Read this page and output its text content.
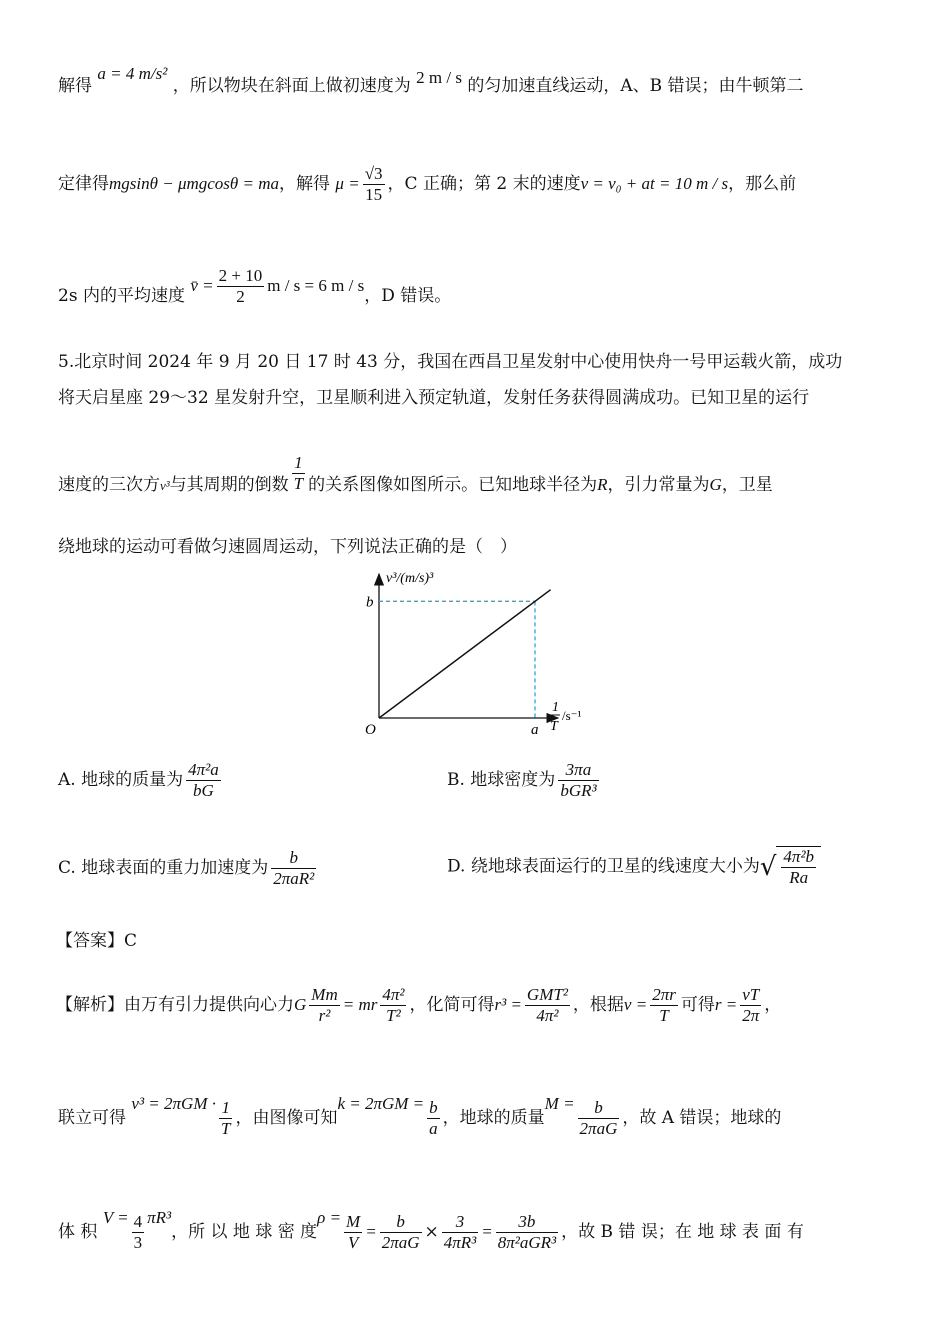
解得 a = 4 m/s² ，所以物块在斜面上做初速度为 2 m / s 的匀加速直线运动，A、B 错误；由牛顿第二
定律得mgsinθ − μmgcosθ = ma，解得 $\mu = \frac{√3}{15}$ ，C 正确；第 2 末的速度v = v₀ + at = 10 m / s，那么前
2s 内的平均速度 v̄ = $\frac{2 + 10}{2}$ m / s = 6 m / s，D 错误。
5.北京时间 2024 年 9 月 20 日 17 时 43 分，我国在西昌卫星发射中心使用快舟一号甲运载火箭，成功
将天启星座 29～32 星发射升空，卫星顺利进入预定轨道，发射任务获得圆满成功。已知卫星的运行
速度的三次方v³与其周期的倒数 $\frac{1}{T}$ 的关系图像如图所示。已知地球半径为R，引力常量为G，卫星
绕地球的运动可看做匀速圆周运动，下列说法正确的是（　）
v³/(m/s)³
1
T
/s⁻¹
O	a
b
A. 地球的质量为 $\frac{\text{4π²a}}{bG}$	B. 地球密度为 $\frac{3\pi a}{\text{bGR³}}$
C. 地球表面的重力加速度为 $\frac{b}{\text{2πaR²}}$	D. 绕地球表面运行的卫星的线速度大小为√ $\frac{\text{4π²b}}{Ra}$
【答案】C
【解析】由万有引力提供向心力G $\frac{Mm}{\text{r²}}$ = mr $\frac{\text{4π²}}{\text{T²}}$ ，化简可得$r^3 = \frac{\text{GMT²}}{\text{4π²}}$ ，根据$v = \frac{2\pi r}{T}$ 可得$r = \frac{vT}{2\pi}$ ，
联立可得 $v^3 = 2\pi GM \cdot \frac{1}{T}$ ，由图像可知$k = 2\pi GM = \frac{b}{a}$ ，地球的质量$M = \frac{b}{\text{2πaG}}$ ，故 A 错误；地球的
体 积 $V = \frac{4}{3} \pi R^3$，所 以 地 球 密 度$\rho = \frac{M}{V} = \frac{b}{\text{2πaG}} \times \frac{3}{\text{4πR³}} = \frac{3b}{\text{8π²aGR³}}$ ，故 B 错 误；在 地 球 表 面 有
